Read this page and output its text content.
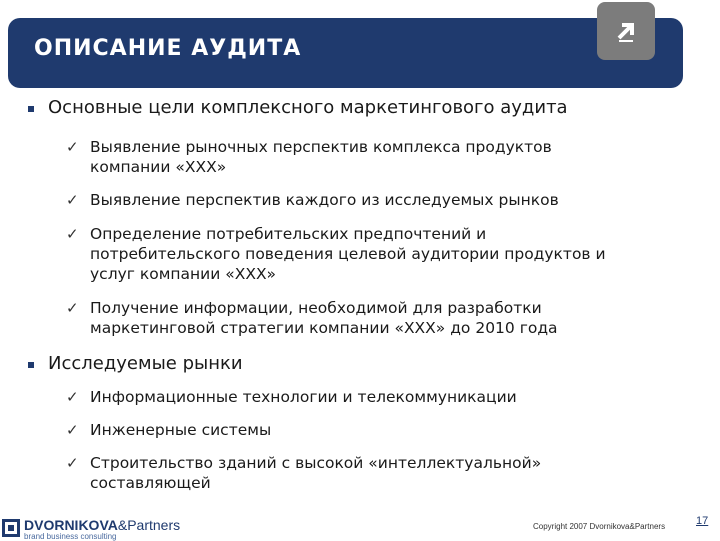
ОПИСАНИЕ АУДИТА
Основные цели комплексного маркетингового аудита
✓ Выявление рыночных перспектив комплекса продуктов
компании «ХХХ»
✓ Выявление перспектив каждого из исследуемых рынков
✓ Определение потребительских предпочтений и
потребительского поведения целевой аудитории продуктов и
услуг компании «ХХХ»
✓ Получение информации, необходимой для разработки
маркетинговой стратегии компании «ХХХ» до 2010 года
Исследуемые рынки
✓ Информационные технологии и телекоммуникации
✓ Инженерные системы
✓ Строительство зданий с высокой «интеллектуальной»
составляющей
DVORNIKOVA&Partners
brand business consulting
Copyright 2007 Dvornikova&Partners	17
